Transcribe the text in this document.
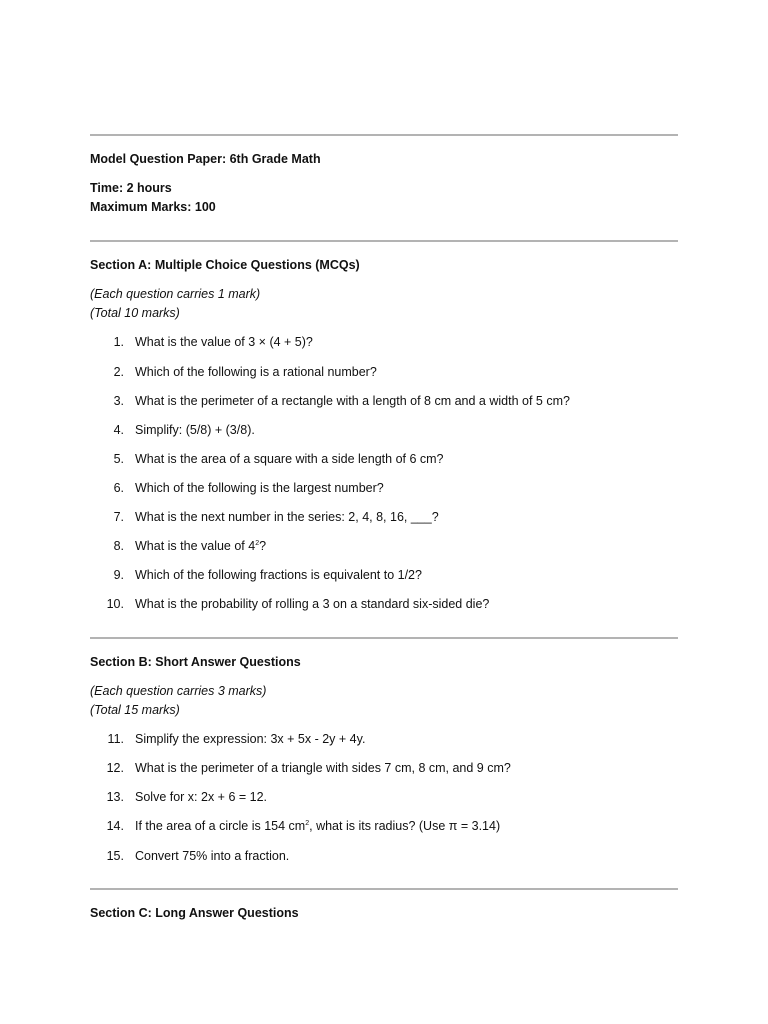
Model Question Paper: 6th Grade Math
Time: 2 hours
Maximum Marks: 100
Section A: Multiple Choice Questions (MCQs)
(Each question carries 1 mark)
(Total 10 marks)
1. What is the value of 3 × (4 + 5)?
2. Which of the following is a rational number?
3. What is the perimeter of a rectangle with a length of 8 cm and a width of 5 cm?
4. Simplify: (5/8) + (3/8).
5. What is the area of a square with a side length of 6 cm?
6. Which of the following is the largest number?
7. What is the next number in the series: 2, 4, 8, 16, ___?
8. What is the value of $4^2$?
9. Which of the following fractions is equivalent to 1/2?
10. What is the probability of rolling a 3 on a standard six-sided die?
Section B: Short Answer Questions
(Each question carries 3 marks)
(Total 15 marks)
11. Simplify the expression: 3x + 5x - 2y + 4y.
12. What is the perimeter of a triangle with sides 7 cm, 8 cm, and 9 cm?
13. Solve for x: 2x + 6 = 12.
14. If the area of a circle is 154 $cm^2$, what is its radius? (Use π = 3.14)
15. Convert 75% into a fraction.
Section C: Long Answer Questions
